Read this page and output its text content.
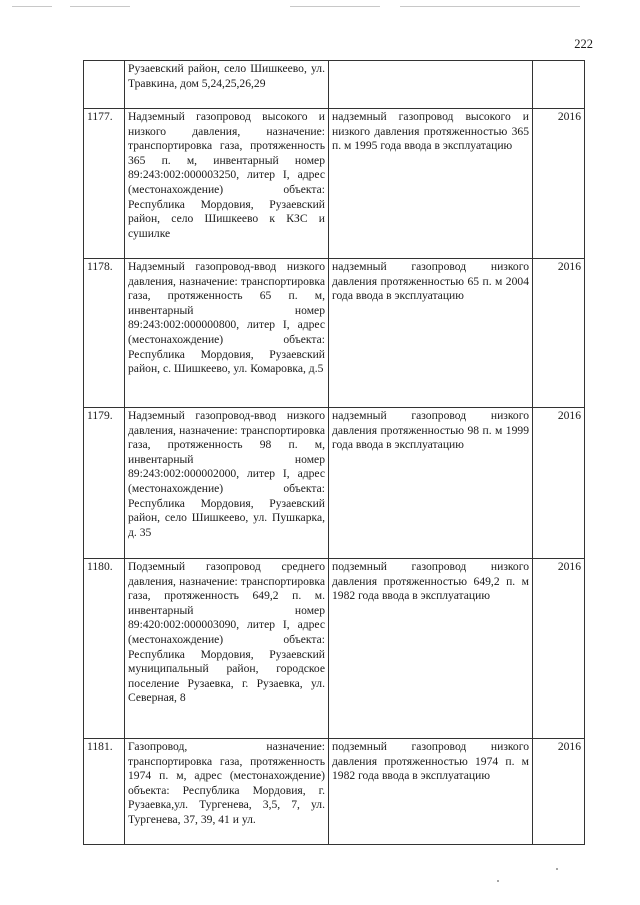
222
	Рузаевский район, село Шишкеево, ул. Травкина, дом 5,24,25,26,29		
1177.	Надземный газопровод высокого и низкого давления, назначение: транспортировка газа, протяженность 365 п. м, инвентарный номер 89:243:002:000003250, литер I, адрес (местонахождение) объекта: Республика Мордовия, Рузаевский район, село Шишкеево к КЗС и сушилке	надземный газопровод высокого и низкого давления протяженностью 365 п. м 1995 года ввода в эксплуатацию	2016
1178.	Надземный газопровод-ввод низкого давления, назначение: транспортировка газа, протяженность 65 п. м, инвентарный номер 89:243:002:000000800, литер I, адрес (местонахождение) объекта: Республика Мордовия, Рузаевский район, с. Шишкеево, ул. Комаровка, д.5	надземный газопровод низкого давления протяженностью 65 п. м 2004 года ввода в эксплуатацию	2016
1179.	Надземный газопровод-ввод низкого давления, назначение: транспортировка газа, протяженность 98 п. м, инвентарный номер 89:243:002:000002000, литер I, адрес (местонахождение) объекта: Республика Мордовия, Рузаевский район, село Шишкеево, ул. Пушкарка, д. 35	надземный газопровод низкого давления протяженностью 98 п. м 1999 года ввода в эксплуатацию	2016
1180.	Подземный газопровод среднего давления, назначение: транспортировка газа, протяженность 649,2 п. м. инвентарный номер 89:420:002:000003090, литер I, адрес (местонахождение) объекта: Республика Мордовия, Рузаевский муниципальный район, городское поселение Рузаевка, г. Рузаевка, ул. Северная, 8	подземный газопровод низкого давления протяженностью 649,2 п. м 1982 года ввода в эксплуатацию	2016
1181.	Газопровод, назначение: транспортировка газа, протяженность 1974 п. м, адрес (местонахождение) объекта: Республика Мордовия, г. Рузаевка,ул. Тургенева, 3,5, 7, ул. Тургенева, 37, 39, 41 и ул.	подземный газопровод низкого давления протяженностью 1974 п. м 1982 года ввода в эксплуатацию	2016
